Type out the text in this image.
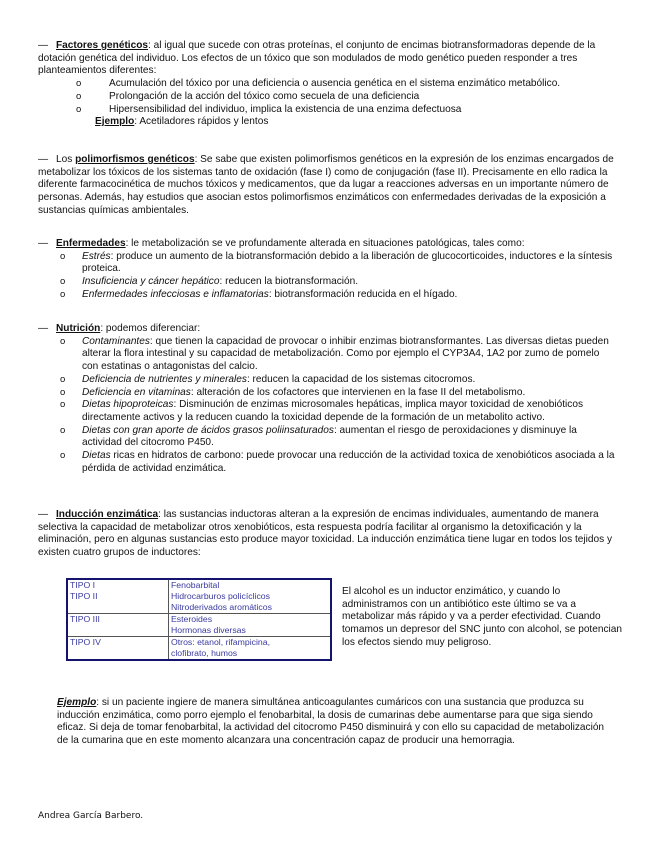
— Factores genéticos: al igual que sucede con otras proteínas, el conjunto de encimas biotransformadoras depende de la dotación genética del individuo. Los efectos de un tóxico que son modulados de modo genético pueden responder a tres planteamientos diferentes:

o Acumulación del tóxico por una deficiencia o ausencia genética en el sistema enzimático metabólico.
o Prolongación de la acción del tóxico como secuela de una deficiencia
o Hipersensibilidad del individuo, implica la existencia de una enzima defectuosa

Ejemplo: Acetiladores rápidos y lentos

— Los polimorfismos genéticos: Se sabe que existen polimorfismos genéticos en la expresión de los enzimas encargados de metabolizar los tóxicos de los sistemas tanto de oxidación (fase I) como de conjugación (fase II). Precisamente en ello radica la diferente farmacocinética de muchos tóxicos y medicamentos, que da lugar a reacciones adversas en un importante número de personas. Además, hay estudios que asocian estos polimorfismos enzimáticos con enfermedades derivadas de la exposición a sustancias químicas ambientales.

— Enfermedades: le metabolización se ve profundamente alterada en situaciones patológicas, tales como:

o Estrés: produce un aumento de la biotransformación debido a la liberación de glucocorticoides, inductores e la síntesis proteica.
o Insuficiencia y cáncer hepático: reducen la biotransformación.
o Enfermedades infecciosas e inflamatorias: biotransformación reducida en el hígado.

— Nutrición: podemos diferenciar:

o Contaminantes: que tienen la capacidad de provocar o inhibir enzimas biotransformantes. Las diversas dietas pueden alterar la flora intestinal y su capacidad de metabolización. Como por ejemplo el CYP3A4, 1A2 por zumo de pomelo con estatinas o antagonistas del calcio.
o Deficiencia de nutrientes y minerales: reducen la capacidad de los sistemas citocromos.
o Deficiencia en vitaminas: alteración de los cofactores que intervienen en la fase II del metabolismo.
o Dietas hipoproteicas: Disminución de enzimas microsomales hepáticas, implica mayor toxicidad de xenobióticos directamente activos y la reducen cuando la toxicidad depende de la formación de un metabolito activo.
o Dietas con gran aporte de ácidos grasos poliinsaturados: aumentan el riesgo de peroxidaciones y disminuye la actividad del citocromo P450.
o Dietas ricas en hidratos de carbono: puede provocar una reducción de la actividad toxica de xenobióticos asociada a la pérdida de actividad enzimática.

— Inducción enzimática: las sustancias inductoras alteran a la expresión de encimas individuales, aumentando de manera selectiva la capacidad de metabolizar otros xenobióticos, esta respuesta podría facilitar al organismo la detoxificación y la eliminación, pero en algunas sustancias esto produce mayor toxicidad. La inducción enzimática tiene lugar en todos los tejidos y existen cuatro grupos de inductores:

TIPO I	Fenobarbital

TIPO II	Hidrocarburos policíclicos
Nitroderivados aromáticos

TIPO III	Esteroides
Hormonas diversas

TIPO IV	Otros: etanol, rifampicina,
clofibrato, humos
El alcohol es un inductor enzimático, y cuando lo administramos con un antibiótico este último se va a metabolizar más rápido y va a perder efectividad. Cuando tomamos un depresor del SNC junto con alcohol, se potencian los efectos siendo muy peligroso.

Ejemplo: si un paciente ingiere de manera simultánea anticoagulantes cumáricos con una sustancia que produzca su inducción enzimática, como porro ejemplo el fenobarbital, la dosis de cumarinas debe aumentarse para que siga siendo eficaz. Si deja de tomar fenobarbital, la actividad del citocromo P450 disminuirá y con ello su capacidad de metabolización de la cumarina que en este momento alcanzara una concentración capaz de producir una hemorragia.

Andrea García Barbero.
